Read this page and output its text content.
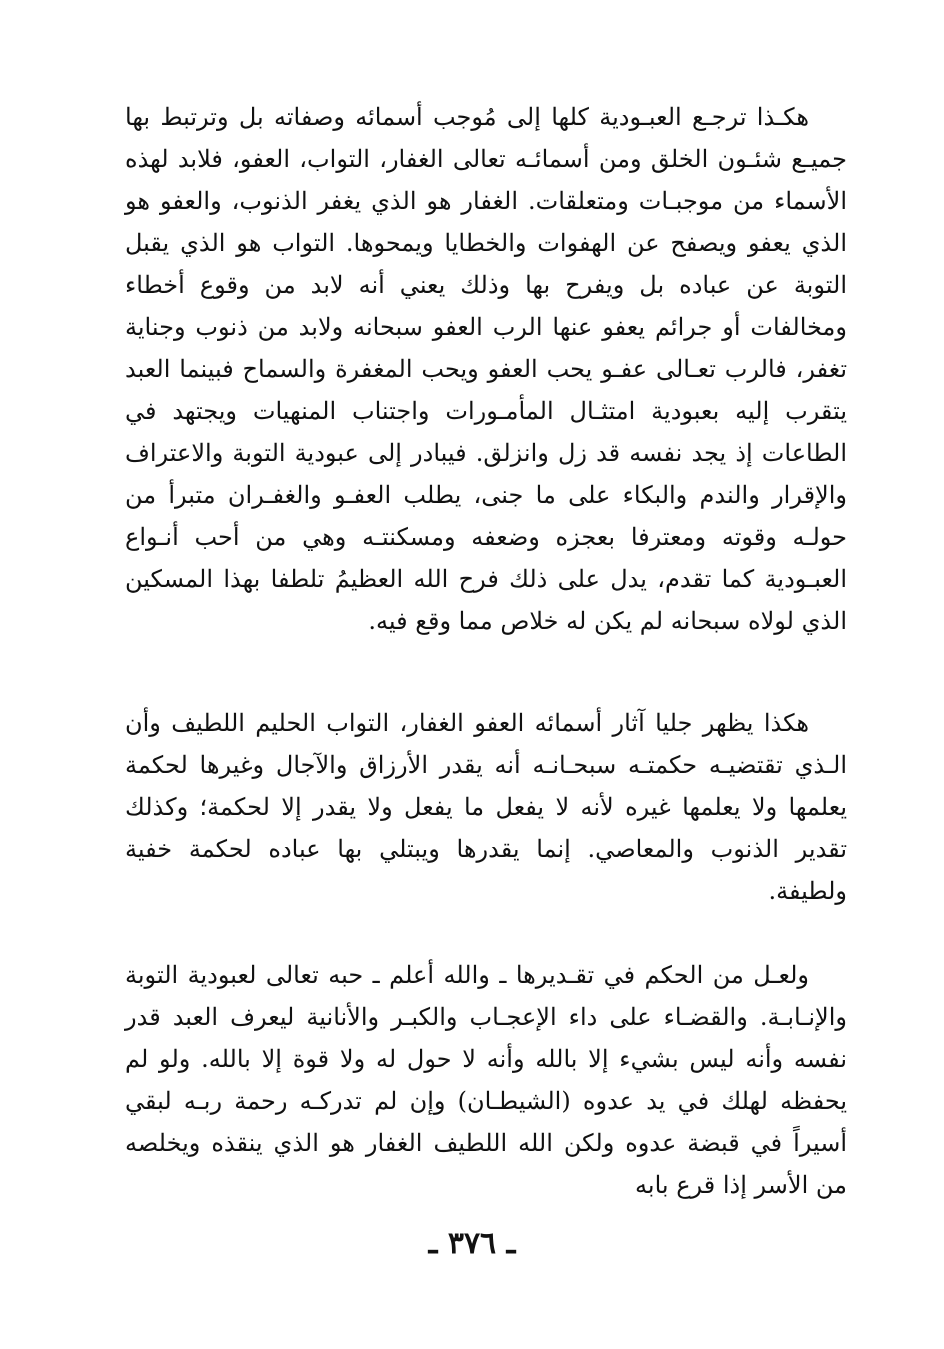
هكـذا ترجـع العبـودية كلها إلى مُوجب أسمائه وصفاته بل وترتبط بها جميـع شئـون الخلق ومن أسمائـه تعالى الغفار، التواب، العفو، فلابد لهذه الأسماء من موجبـات ومتعلقات. الغفار هو الذي يغفر الذنوب، والعفو هو الذي يعفو ويصفح عن الهفوات والخطايا ويمحوها. التواب هو الذي يقبل التوبة عن عباده بل ويفرح بها وذلك يعني أنه لابد من وقوع أخطاء ومخالفات أو جرائم يعفو عنها الرب العفو سبحانه ولابد من ذنوب وجناية تغفر، فالرب تعـالى عفـو يحب العفو ويحب المغفرة والسماح فبينما العبد يتقرب إليه بعبودية امتثـال المأمـورات واجتناب المنهيات ويجتهد في الطاعات إذ يجد نفسه قد زل وانزلق. فيبادر إلى عبودية التوبة والاعتراف والإقرار والندم والبكاء على ما جنى، يطلب العفـو والغفـران متبرأ من حولـه وقوته ومعترفا بعجزه وضعفه ومسكنتـه وهي من أحب أنـواع العبـودية كما تقدم، يدل على ذلك فرح الله العظيمُ تلطفا بهذا المسكين الذي لولاه سبحانه لم يكن له خلاص مما وقع فيه.

هكذا يظهر جليا آثار أسمائه العفو الغفار، التواب الحليم اللطيف وأن الـذي تقتضيـه حكمتـه سبحـانـه أنه يقدر الأرزاق والآجال وغيرها لحكمة يعلمها ولا يعلمها غيره لأنه لا يفعل ما يفعل ولا يقدر إلا لحكمة؛ وكذلك تقدير الذنوب والمعاصي. إنما يقدرها ويبتلي بها عباده لحكمة خفية ولطيفة.

ولعـل من الحكم في تقـديرها ـ والله أعلم ـ حبه تعالى لعبودية التوبة والإنـابـة. والقضـاء على داء الإعجـاب والكبـر والأنانية ليعرف العبد قدر نفسه وأنه ليس بشيء إلا بالله وأنه لا حول له ولا قوة إلا بالله. ولو لم يحفظه لهلك في يد عدوه (الشيطـان) وإن لم تدركـه رحمة ربـه لبقي أسيراً في قبضة عدوه ولكن الله اللطيف الغفار هو الذي ينقذه ويخلصه من الأسر إذا قرع بابه

ـ ٣٧٦ ـ
